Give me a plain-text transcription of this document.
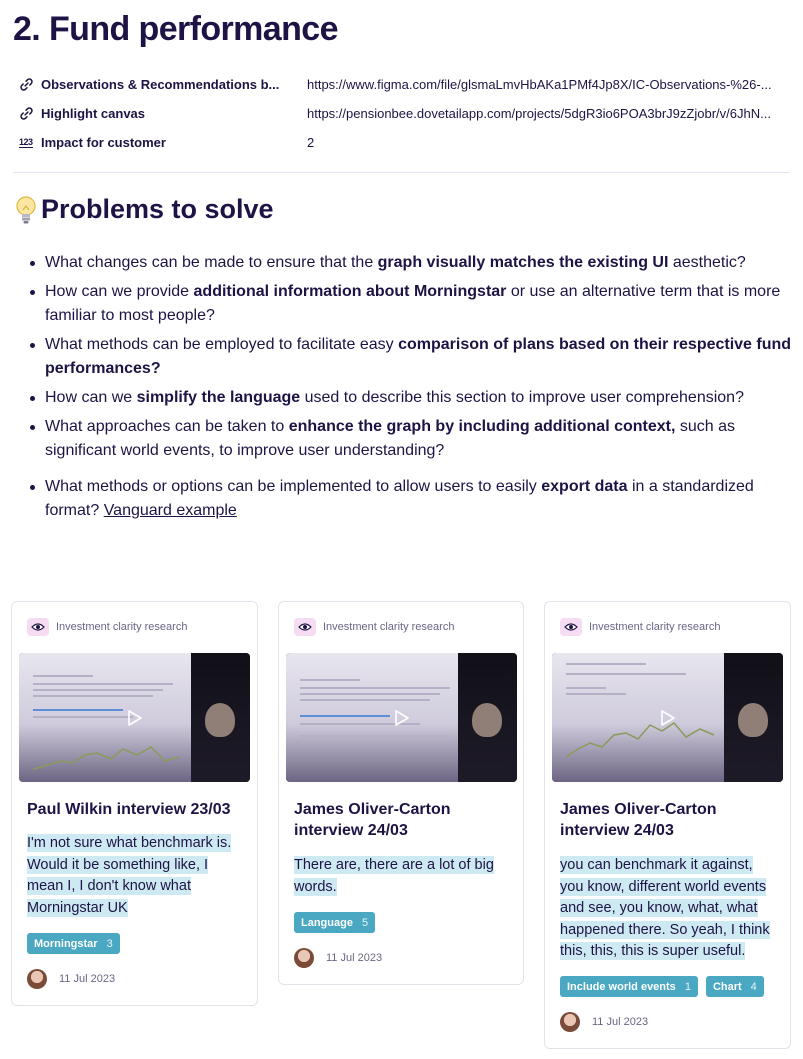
2. Fund performance
Observations & Recommendations b...	https://www.figma.com/file/glsmaLmvHbAKa1PMf4Jp8X/IC-Observations-%26-...
Highlight canvas	https://pensionbee.dovetailapp.com/projects/5dgR3io6POA3brJ9zZjobr/v/6JhN...
123 Impact for customer	2
Problems to solve
What changes can be made to ensure that the graph visually matches the existing UI aesthetic?
How can we provide additional information about Morningstar or use an alternative term that is more familiar to most people?
What methods can be employed to facilitate easy comparison of plans based on their respective fund performances?
How can we simplify the language used to describe this section to improve user comprehension?
What approaches can be taken to enhance the graph by including additional context, such as significant world events, to improve user understanding?
What methods or options can be implemented to allow users to easily export data in a standardized format? Vanguard example
Investment clarity research
Paul Wilkin interview 23/03
I'm not sure what benchmark is. Would it be something like, I mean I, I don't know what Morningstar UK
Morningstar 3
11 Jul 2023
Investment clarity research
James Oliver-Carton interview 24/03
There are, there are a lot of big words.
Language 5
11 Jul 2023
Investment clarity research
James Oliver-Carton interview 24/03
you can benchmark it against, you know, different world events and see, you know, what, what happened there. So yeah, I think this, this, this is super useful.
Include world events 1 Chart 4
11 Jul 2023
